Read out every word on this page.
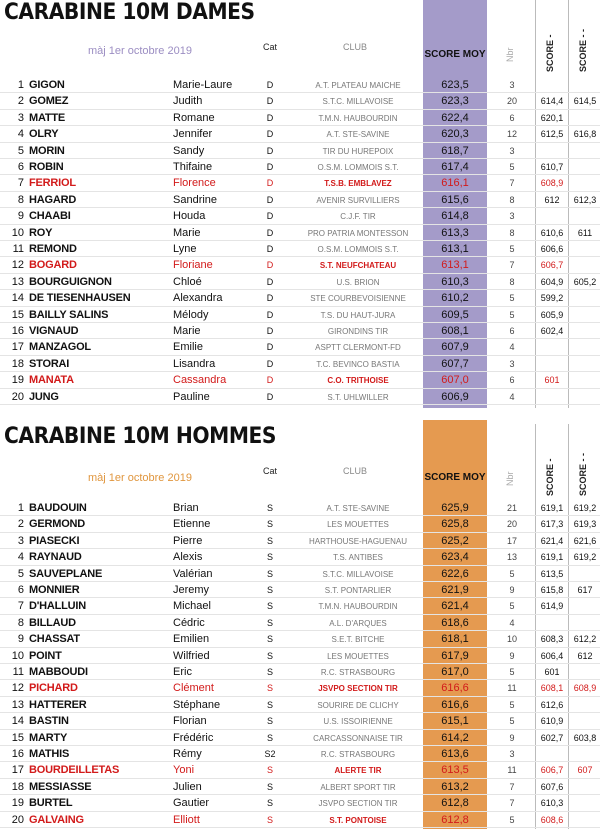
CARABINE 10M DAMES
màj 1er octobre 2019	Cat	CLUB
SCORE MOY Nbr	SCORE -	SCORE - -
1 GIGON	Marie-Laure	D	A.T. PLATEAU MAICHE	623,5	3
2 GOMEZ	Judith	D	S.T.C. MILLAVOISE	623,3	20	614,4	614,5
3 MATTE	Romane	D	T.M.N. HAUBOURDIN	622,4	6	620,1
4 OLRY	Jennifer	D	A.T. STE-SAVINE	620,3	12	612,5	616,8
5 MORIN	Sandy	D	TIR DU HUREPOIX	618,7	3
6 ROBIN	Thifaine	D	O.S.M. LOMMOIS S.T.	617,4	5	610,7
7 FERRIOL	Florence	D	T.S.B. EMBLAVEZ	616,1	7	608,9
8 HAGARD	Sandrine	D	AVENIR SURVILLIERS	615,6	8	612	612,3
9 CHAABI	Houda	D	C.J.F. TIR	614,8	3
10 ROY	Marie	D	PRO PATRIA MONTESSON	613,3	8	610,6	611
11 REMOND	Lyne	D	O.S.M. LOMMOIS S.T.	613,1	5	606,6
12 BOGARD	Floriane	D	S.T. NEUFCHATEAU	613,1	7	606,7
13 BOURGUIGNON	Chloé	D	U.S. BRION	610,3	8	604,9	605,2
14 DE TIESENHAUSEN	Alexandra	D	STE COURBEVOISIENNE	610,2	5	599,2
15 BAILLY SALINS	Mélody	D	T.S. DU HAUT-JURA	609,5	5	605,9
16 VIGNAUD	Marie	D	GIRONDINS TIR	608,1	6	602,4
17 MANZAGOL	Emilie	D	ASPTT CLERMONT-FD	607,9	4
18 STORAI	Lisandra	D	T.C. BEVINCO BASTIA	607,7	3
19 MANATA	Cassandra	D	C.O. TRITHOISE	607,0	6	601
20 JUNG	Pauline	D	S.T. UHLWILLER	606,9	4
CARABINE 10M HOMMES
màj 1er octobre 2019
Cat	CLUB
SCORE MOY Nbr	SCORE -	SCORE - -
1 BAUDOUIN	Brian	S	A.T. STE-SAVINE	625,9	21	619,1	619,2
2 GERMOND	Etienne	S	LES MOUETTES	625,8	20	617,3	619,3
3 PIASECKI	Pierre	S	HARTHOUSE-HAGUENAU	625,2	17	621,4	621,6
4 RAYNAUD	Alexis	S	T.S. ANTIBES	623,4	13	619,1	619,2
5 SAUVEPLANE	Valérian	S	S.T.C. MILLAVOISE	622,6	5	613,5
6 MONNIER	Jeremy	S	S.T. PONTARLIER	621,9	9	615,8	617
7 D'HALLUIN	Michael	S	T.M.N. HAUBOURDIN	621,4	5	614,9
8 BILLAUD	Cédric	S	A.L. D'ARQUES	618,6	4
9 CHASSAT	Emilien	S	S.E.T. BITCHE	618,1	10	608,3	612,2
10 POINT	Wilfried	S	LES MOUETTES	617,9	9	606,4	612
11 MABBOUDI	Eric	S	R.C. STRASBOURG	617,0	5	601
12 PICHARD	Clément	S	JSVPO SECTION TIR	616,6	11	608,1	608,9
13 HATTERER	Stéphane	S	SOURIRE DE CLICHY	616,6	5	612,6
14 BASTIN	Florian	S	U.S. ISSOIRIENNE	615,1	5	610,9
15 MARTY	Frédéric	S	CARCASSONNAISE TIR	614,2	9	602,7	603,8
16 MATHIS	Rémy	S2	R.C. STRASBOURG	613,6	3
17 BOURDEILLETAS	Yoni	S	ALERTE TIR	613,5	11	606,7	607
18 MESSIASSE	Julien	S	ALBERT SPORT TIR	613,2	7	607,6
19 BURTEL	Gautier	S	JSVPO SECTION TIR	612,8	7	610,3
20 GALVAING	Elliott	S	S.T. PONTOISE	612,8	5	608,6
